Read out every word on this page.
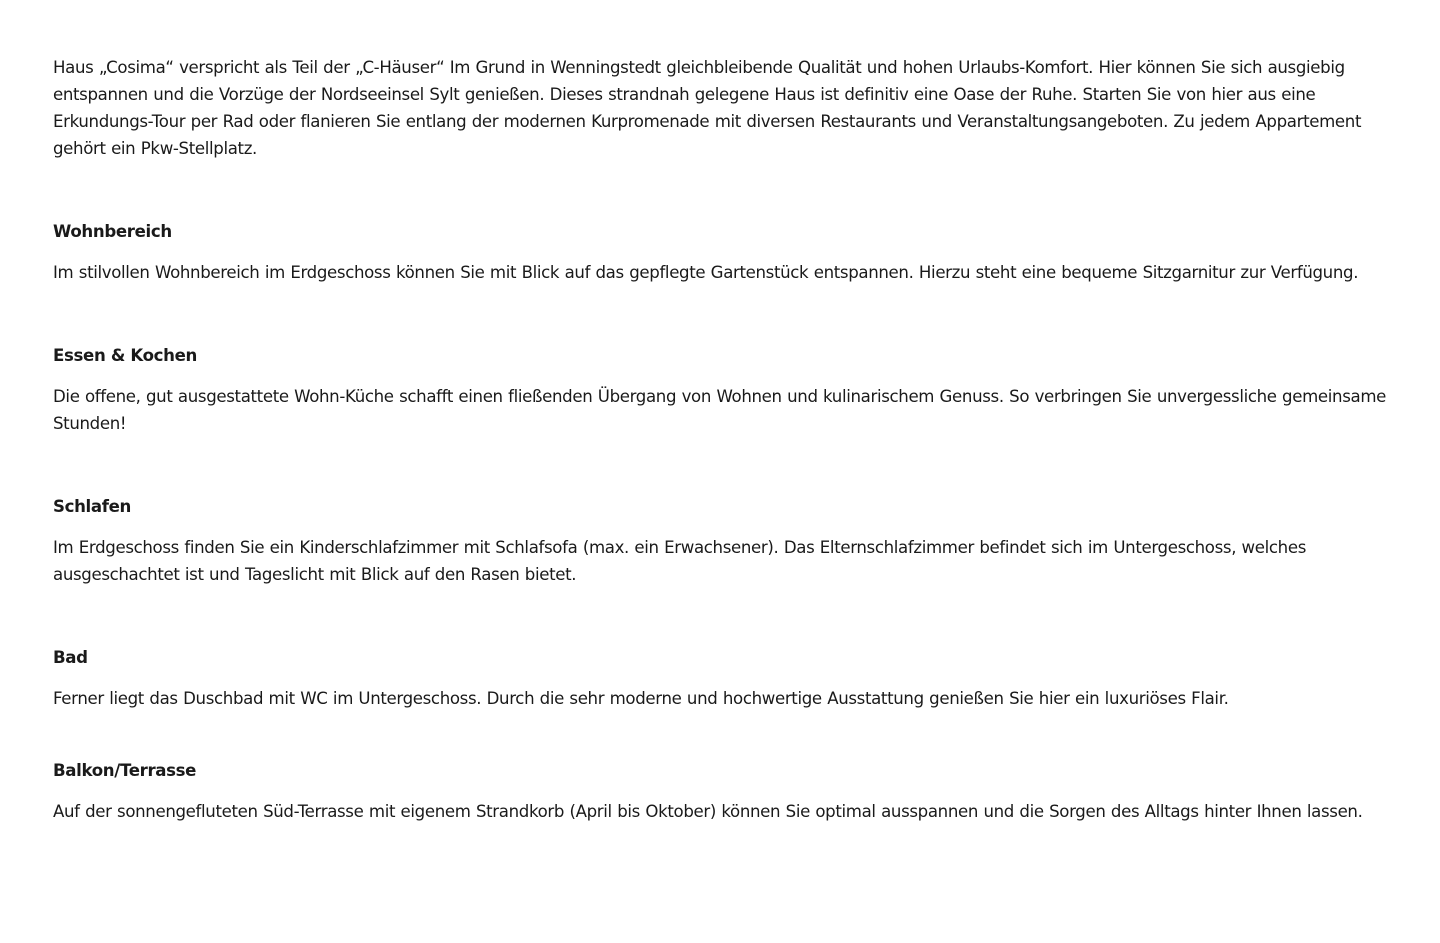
Haus „Cosima“ verspricht als Teil der „C-Häuser“ Im Grund in Wenningstedt gleichbleibende Qualität und hohen Urlaubs-Komfort. Hier können Sie sich ausgiebig entspannen und die Vorzüge der Nordseeinsel Sylt genießen. Dieses strandnah gelegene Haus ist definitiv eine Oase der Ruhe. Starten Sie von hier aus eine Erkundungs-Tour per Rad oder flanieren Sie entlang der modernen Kurpromenade mit diversen Restaurants und Veranstaltungsangeboten. Zu jedem Appartement gehört ein Pkw-Stellplatz.

Wohnbereich

Im stilvollen Wohnbereich im Erdgeschoss können Sie mit Blick auf das gepflegte Gartenstück entspannen. Hierzu steht eine bequeme Sitzgarnitur zur Verfügung.

Essen & Kochen

Die offene, gut ausgestattete Wohn-Küche schafft einen fließenden Übergang von Wohnen und kulinarischem Genuss. So verbringen Sie unvergessliche gemeinsame Stunden!

Schlafen

Im Erdgeschoss finden Sie ein Kinderschlafzimmer mit Schlafsofa (max. ein Erwachsener). Das Elternschlafzimmer befindet sich im Untergeschoss, welches ausgeschachtet ist und Tageslicht mit Blick auf den Rasen bietet.

Bad

Ferner liegt das Duschbad mit WC im Untergeschoss. Durch die sehr moderne und hochwertige Ausstattung genießen Sie hier ein luxuriöses Flair.

Balkon/Terrasse

Auf der sonnengefluteten Süd-Terrasse mit eigenem Strandkorb (April bis Oktober) können Sie optimal ausspannen und die Sorgen des Alltags hinter Ihnen lassen.
